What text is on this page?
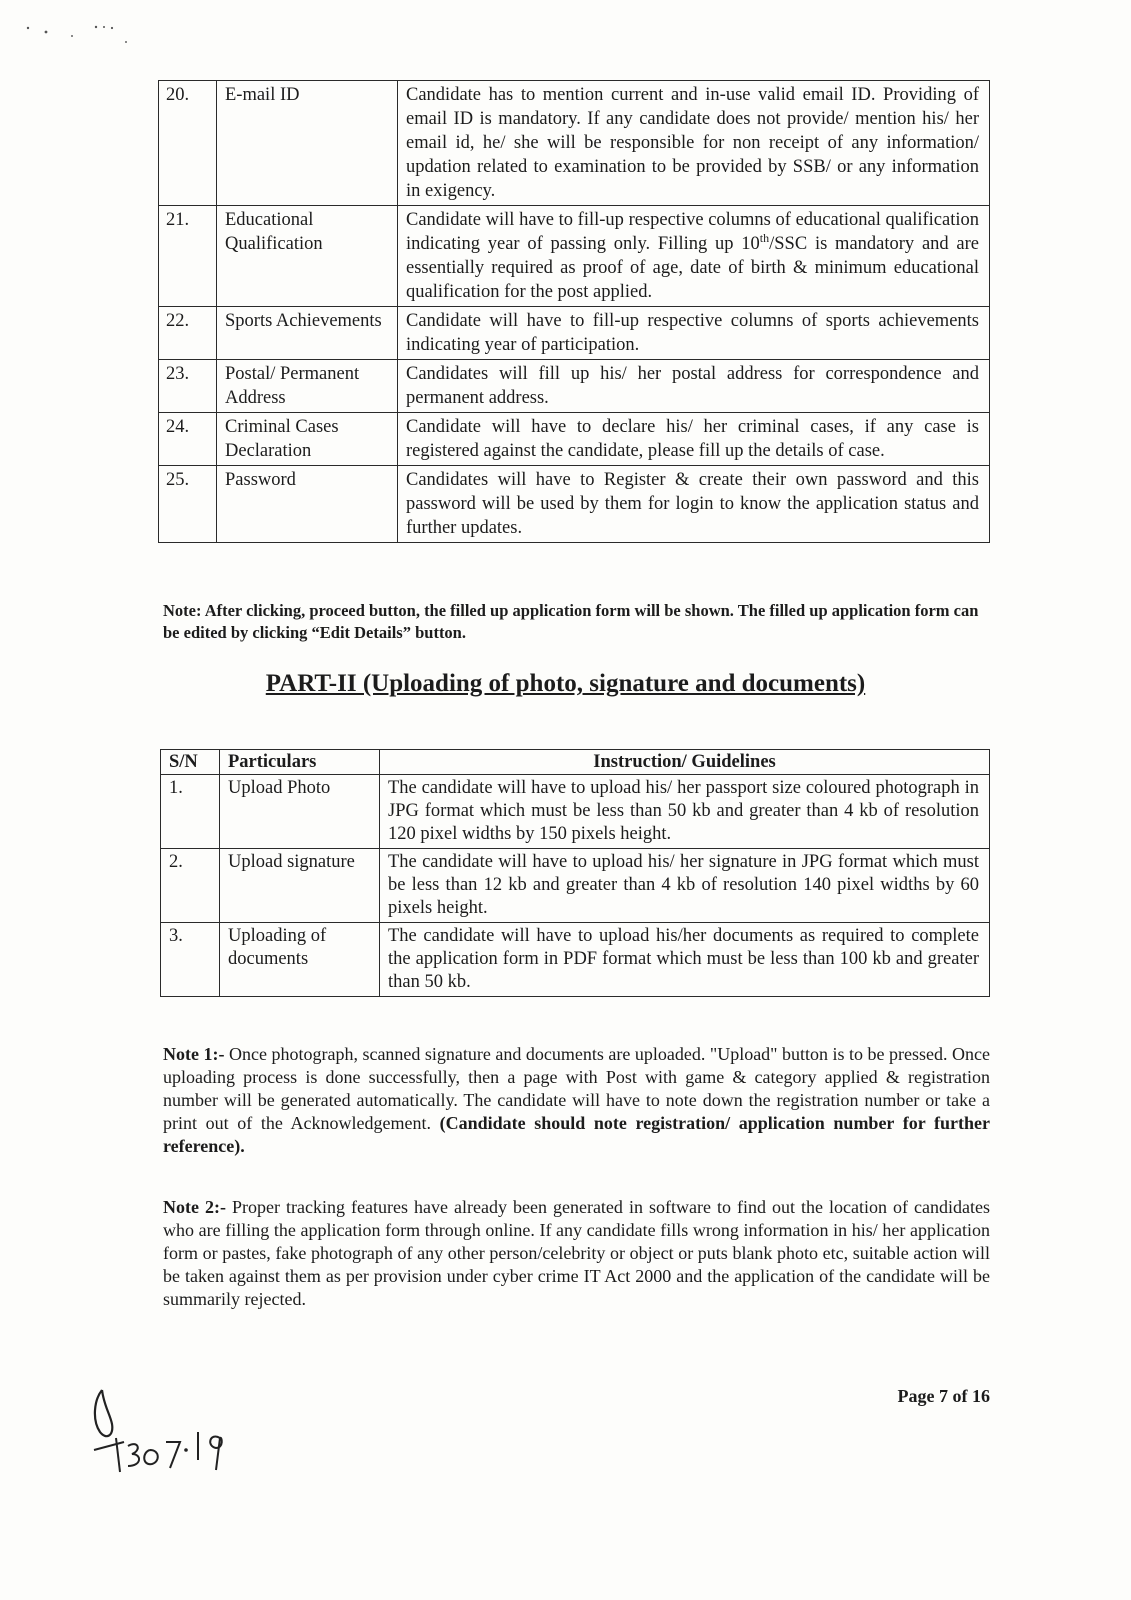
20.	E-mail ID	Candidate has to mention current and in-use valid email ID. Providing of email ID is mandatory. If any candidate does not provide/ mention his/ her email id, he/ she will be responsible for non receipt of any information/ updation related to examination to be provided by SSB/ or any information in exigency.
21.	Educational Qualification	Candidate will have to fill-up respective columns of educational qualification indicating year of passing only. Filling up 10th/SSC is mandatory and are essentially required as proof of age, date of birth & minimum educational qualification for the post applied.
22.	Sports Achievements	Candidate will have to fill-up respective columns of sports achievements indicating year of participation.
23.	Postal/ Permanent Address	Candidates will fill up his/ her postal address for correspondence and permanent address.
24.	Criminal Cases Declaration	Candidate will have to declare his/ her criminal cases, if any case is registered against the candidate, please fill up the details of case.
25.	Password	Candidates will have to Register & create their own password and this password will be used by them for login to know the application status and further updates.
Note: After clicking, proceed button, the filled up application form will be shown. The filled up application form can be edited by clicking “Edit Details” button.
PART-II (Uploading of photo, signature and documents)
S/N	Particulars	Instruction/ Guidelines
1.	Upload Photo	The candidate will have to upload his/ her passport size coloured photograph in JPG format which must be less than 50 kb and greater than 4 kb of resolution 120 pixel widths by 150 pixels height.
2.	Upload signature	The candidate will have to upload his/ her signature in JPG format which must be less than 12 kb and greater than 4 kb of resolution 140 pixel widths by 60 pixels height.
3.	Uploading of documents	The candidate will have to upload his/her documents as required to complete the application form in PDF format which must be less than 100 kb and greater than 50 kb.
Note 1:- Once photograph, scanned signature and documents are uploaded. "Upload" button is to be pressed. Once uploading process is done successfully, then a page with Post with game & category applied & registration number will be generated automatically. The candidate will have to note down the registration number or take a print out of the Acknowledgement. (Candidate should note registration/ application number for further reference).
Note 2:- Proper tracking features have already been generated in software to find out the location of candidates who are filling the application form through online. If any candidate fills wrong information in his/ her application form or pastes, fake photograph of any other person/celebrity or object or puts blank photo etc, suitable action will be taken against them as per provision under cyber crime IT Act 2000 and the application of the candidate will be summarily rejected.
Page 7 of 16
